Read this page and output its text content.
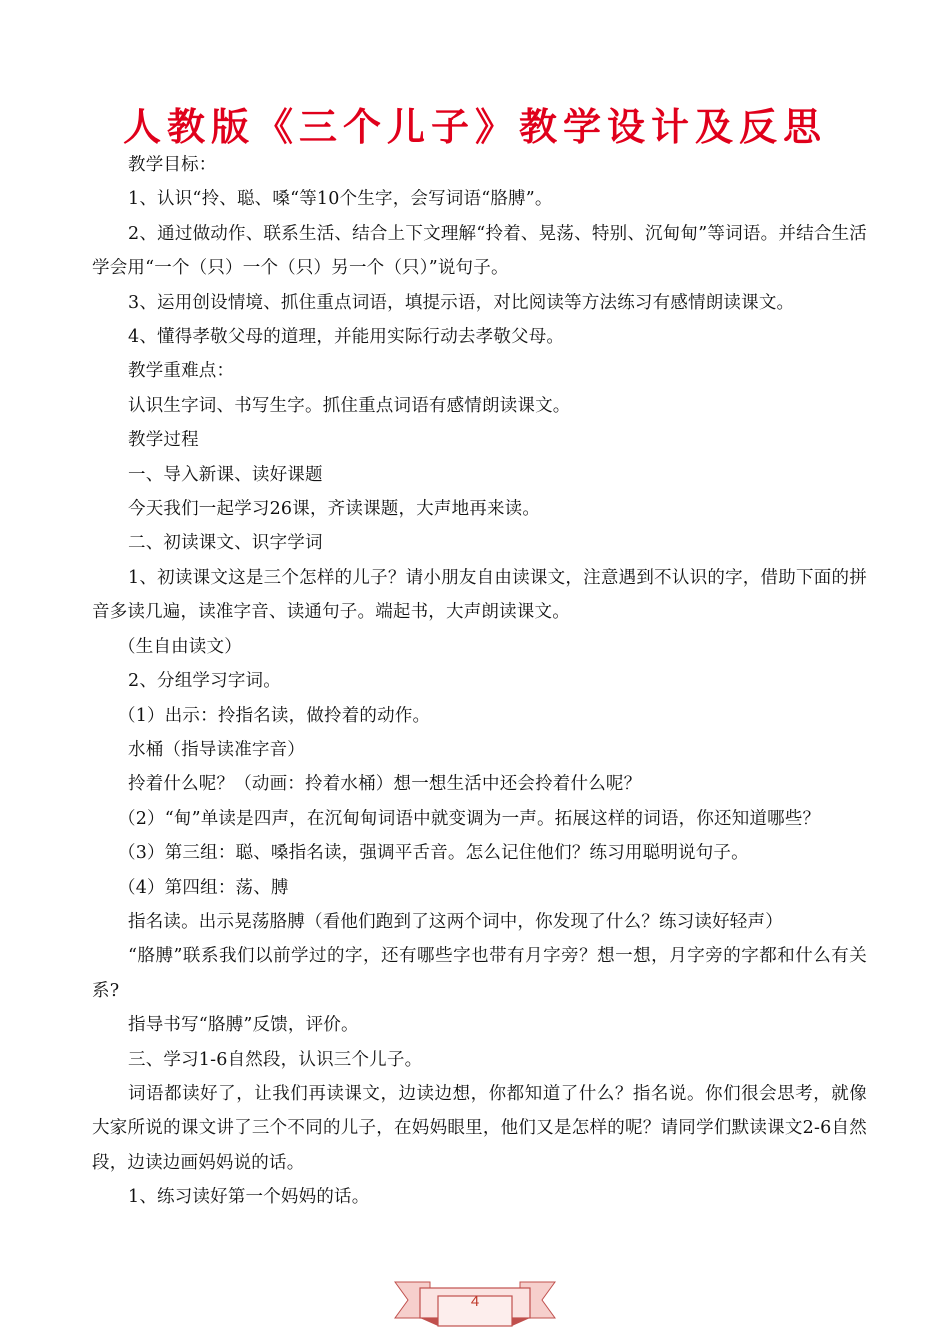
人教版《三个儿子》教学设计及反思

教学目标：

1、认识“拎、聪、嗓“等10个生字，会写词语“胳膊”。

2、通过做动作、联系生活、结合上下文理解“拎着、晃荡、特别、沉甸甸”等词语。并结合生活学会用“一个（只）一个（只）另一个（只）”说句子。

3、运用创设情境、抓住重点词语，填提示语，对比阅读等方法练习有感情朗读课文。

4、懂得孝敬父母的道理，并能用实际行动去孝敬父母。

教学重难点：

认识生字词、书写生字。抓住重点词语有感情朗读课文。

教学过程

一、导入新课、读好课题

今天我们一起学习26课，齐读课题，大声地再来读。

二、初读课文、识字学词

1、初读课文这是三个怎样的儿子？请小朋友自由读课文，注意遇到不认识的字，借助下面的拼音多读几遍，读准字音、读通句子。端起书，大声朗读课文。

（生自由读文）

2、分组学习字词。

（1）出示：拎指名读，做拎着的动作。

水桶（指导读准字音）

拎着什么呢？（动画：拎着水桶）想一想生活中还会拎着什么呢？

（2）“甸”单读是四声，在沉甸甸词语中就变调为一声。拓展这样的词语，你还知道哪些？

（3）第三组：聪、嗓指名读，强调平舌音。怎么记住他们？练习用聪明说句子。

（4）第四组：荡、膊

指名读。出示晃荡胳膊（看他们跑到了这两个词中，你发现了什么？练习读好轻声）

“胳膊”联系我们以前学过的字，还有哪些字也带有月字旁？想一想，月字旁的字都和什么有关系?

指导书写“胳膊”反馈，评价。

三、学习1-6自然段，认识三个儿子。

词语都读好了，让我们再读课文，边读边想，你都知道了什么？指名说。你们很会思考，就像大家所说的课文讲了三个不同的儿子，在妈妈眼里，他们又是怎样的呢？请同学们默读课文2-6自然段，边读边画妈妈说的话。

1、练习读好第一个妈妈的话。

4
